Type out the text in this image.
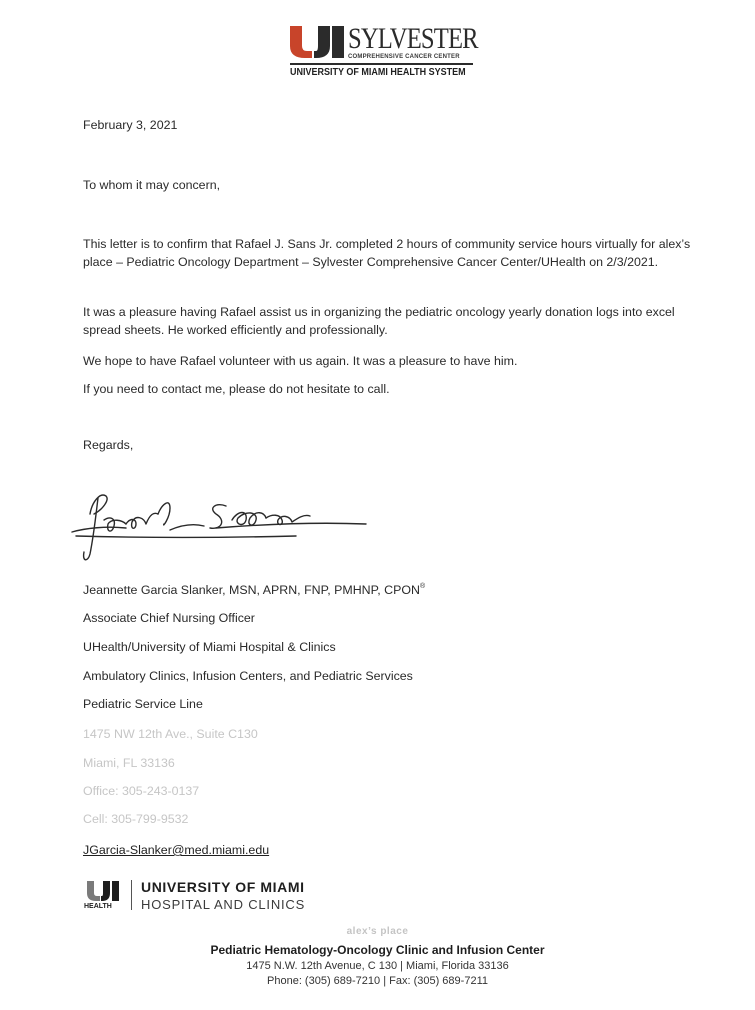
SYLVESTER
COMPREHENSIVE CANCER CENTER
UNIVERSITY OF MIAMI HEALTH SYSTEM
February 3, 2021
To whom it may concern,
This letter is to confirm that Rafael J. Sans Jr. completed 2 hours of community service hours virtually for alex’s place – Pediatric Oncology Department – Sylvester Comprehensive Cancer Center/UHealth on 2/3/2021.
It was a pleasure having Rafael assist us in organizing the pediatric oncology yearly donation logs into excel spread sheets. He worked efficiently and professionally.
We hope to have Rafael volunteer with us again. It was a pleasure to have him.
If you need to contact me, please do not hesitate to call.
Regards,
Jeannette Garcia Slanker, MSN, APRN, FNP, PMHNP, CPON®
Associate Chief Nursing Officer
UHealth/University of Miami Hospital & Clinics
Ambulatory Clinics, Infusion Centers, and Pediatric Services
Pediatric Service Line
1475 NW 12th Ave., Suite C130
Miami, FL 33136
Office: 305-243-0137
Cell: 305-799-9532
JGarcia-Slanker@med.miami.edu
HEALTH
UNIVERSITY OF MIAMI
HOSPITAL AND CLINICS
alex’s place
Pediatric Hematology-Oncology Clinic and Infusion Center
1475 N.W. 12th Avenue, C 130 | Miami, Florida 33136
Phone: (305) 689-7210 | Fax: (305) 689-7211
